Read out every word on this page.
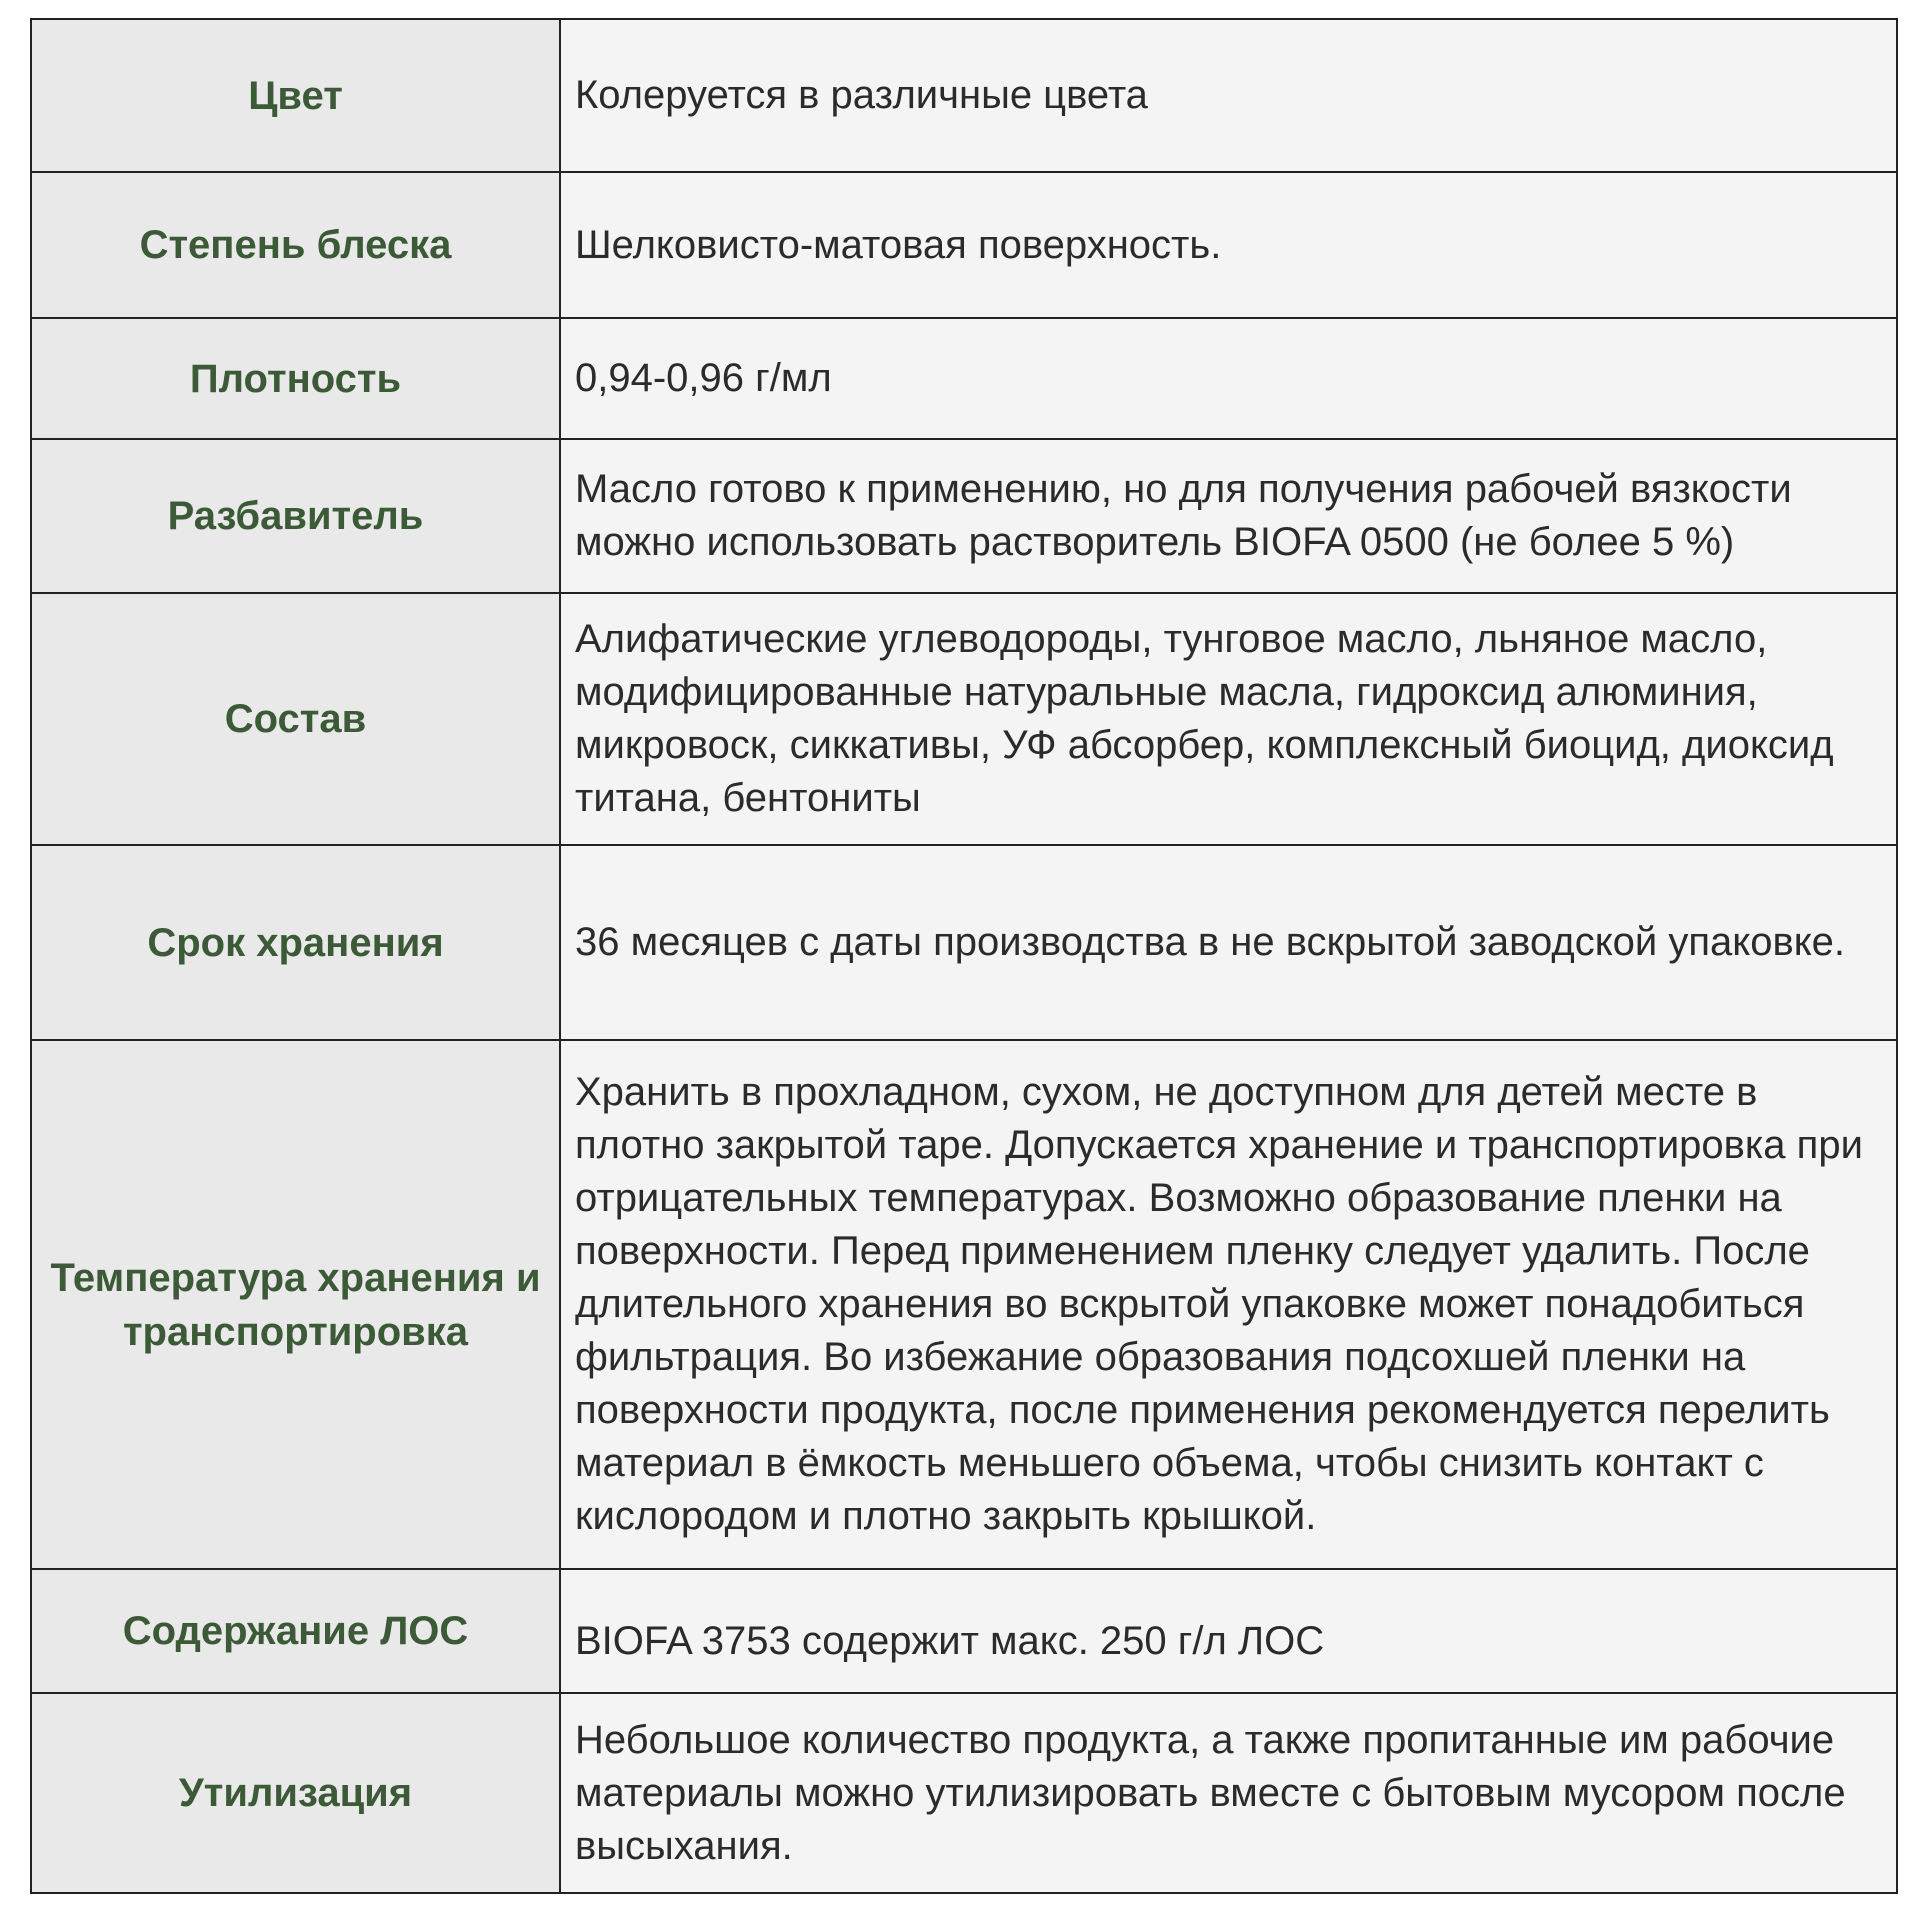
Цвет	Колеруется в различные цвета
Степень блеска	Шелковисто-матовая поверхность.
Плотность	0,94-0,96 г/мл
Разбавитель	Масло готово к применению, но для получения рабочей вязкости можно использовать растворитель BIOFA 0500 (не более 5 %)
Состав	Алифатические углеводороды, тунговое масло, льняное масло, модифицированные натуральные масла, гидроксид алюминия, микровоск, сиккативы, УФ абсорбер, комплексный биоцид, диоксид титана, бентониты
Срок хранения	36 месяцев с даты производства в не вскрытой заводской упаковке.
Температура хранения и транспортировка	Хранить в прохладном, сухом, не доступном для детей месте в плотно закрытой таре. Допускается хранение и транспортировка при отрицательных температурах. Возможно образование пленки на поверхности. Перед применением пленку следует удалить. После длительного хранения во вскрытой упаковке может понадобиться фильтрация. Во избежание образования подсохшей пленки на поверхности продукта, после применения рекомендуется перелить материал в ёмкость меньшего объема, чтобы снизить контакт с кислородом и плотно закрыть крышкой.
Содержание ЛОС	BIOFA 3753 содержит макс. 250 г/л ЛОС
Утилизация	Небольшое количество продукта, а также пропитанные им рабочие материалы можно утилизировать вместе с бытовым мусором после высыхания.
